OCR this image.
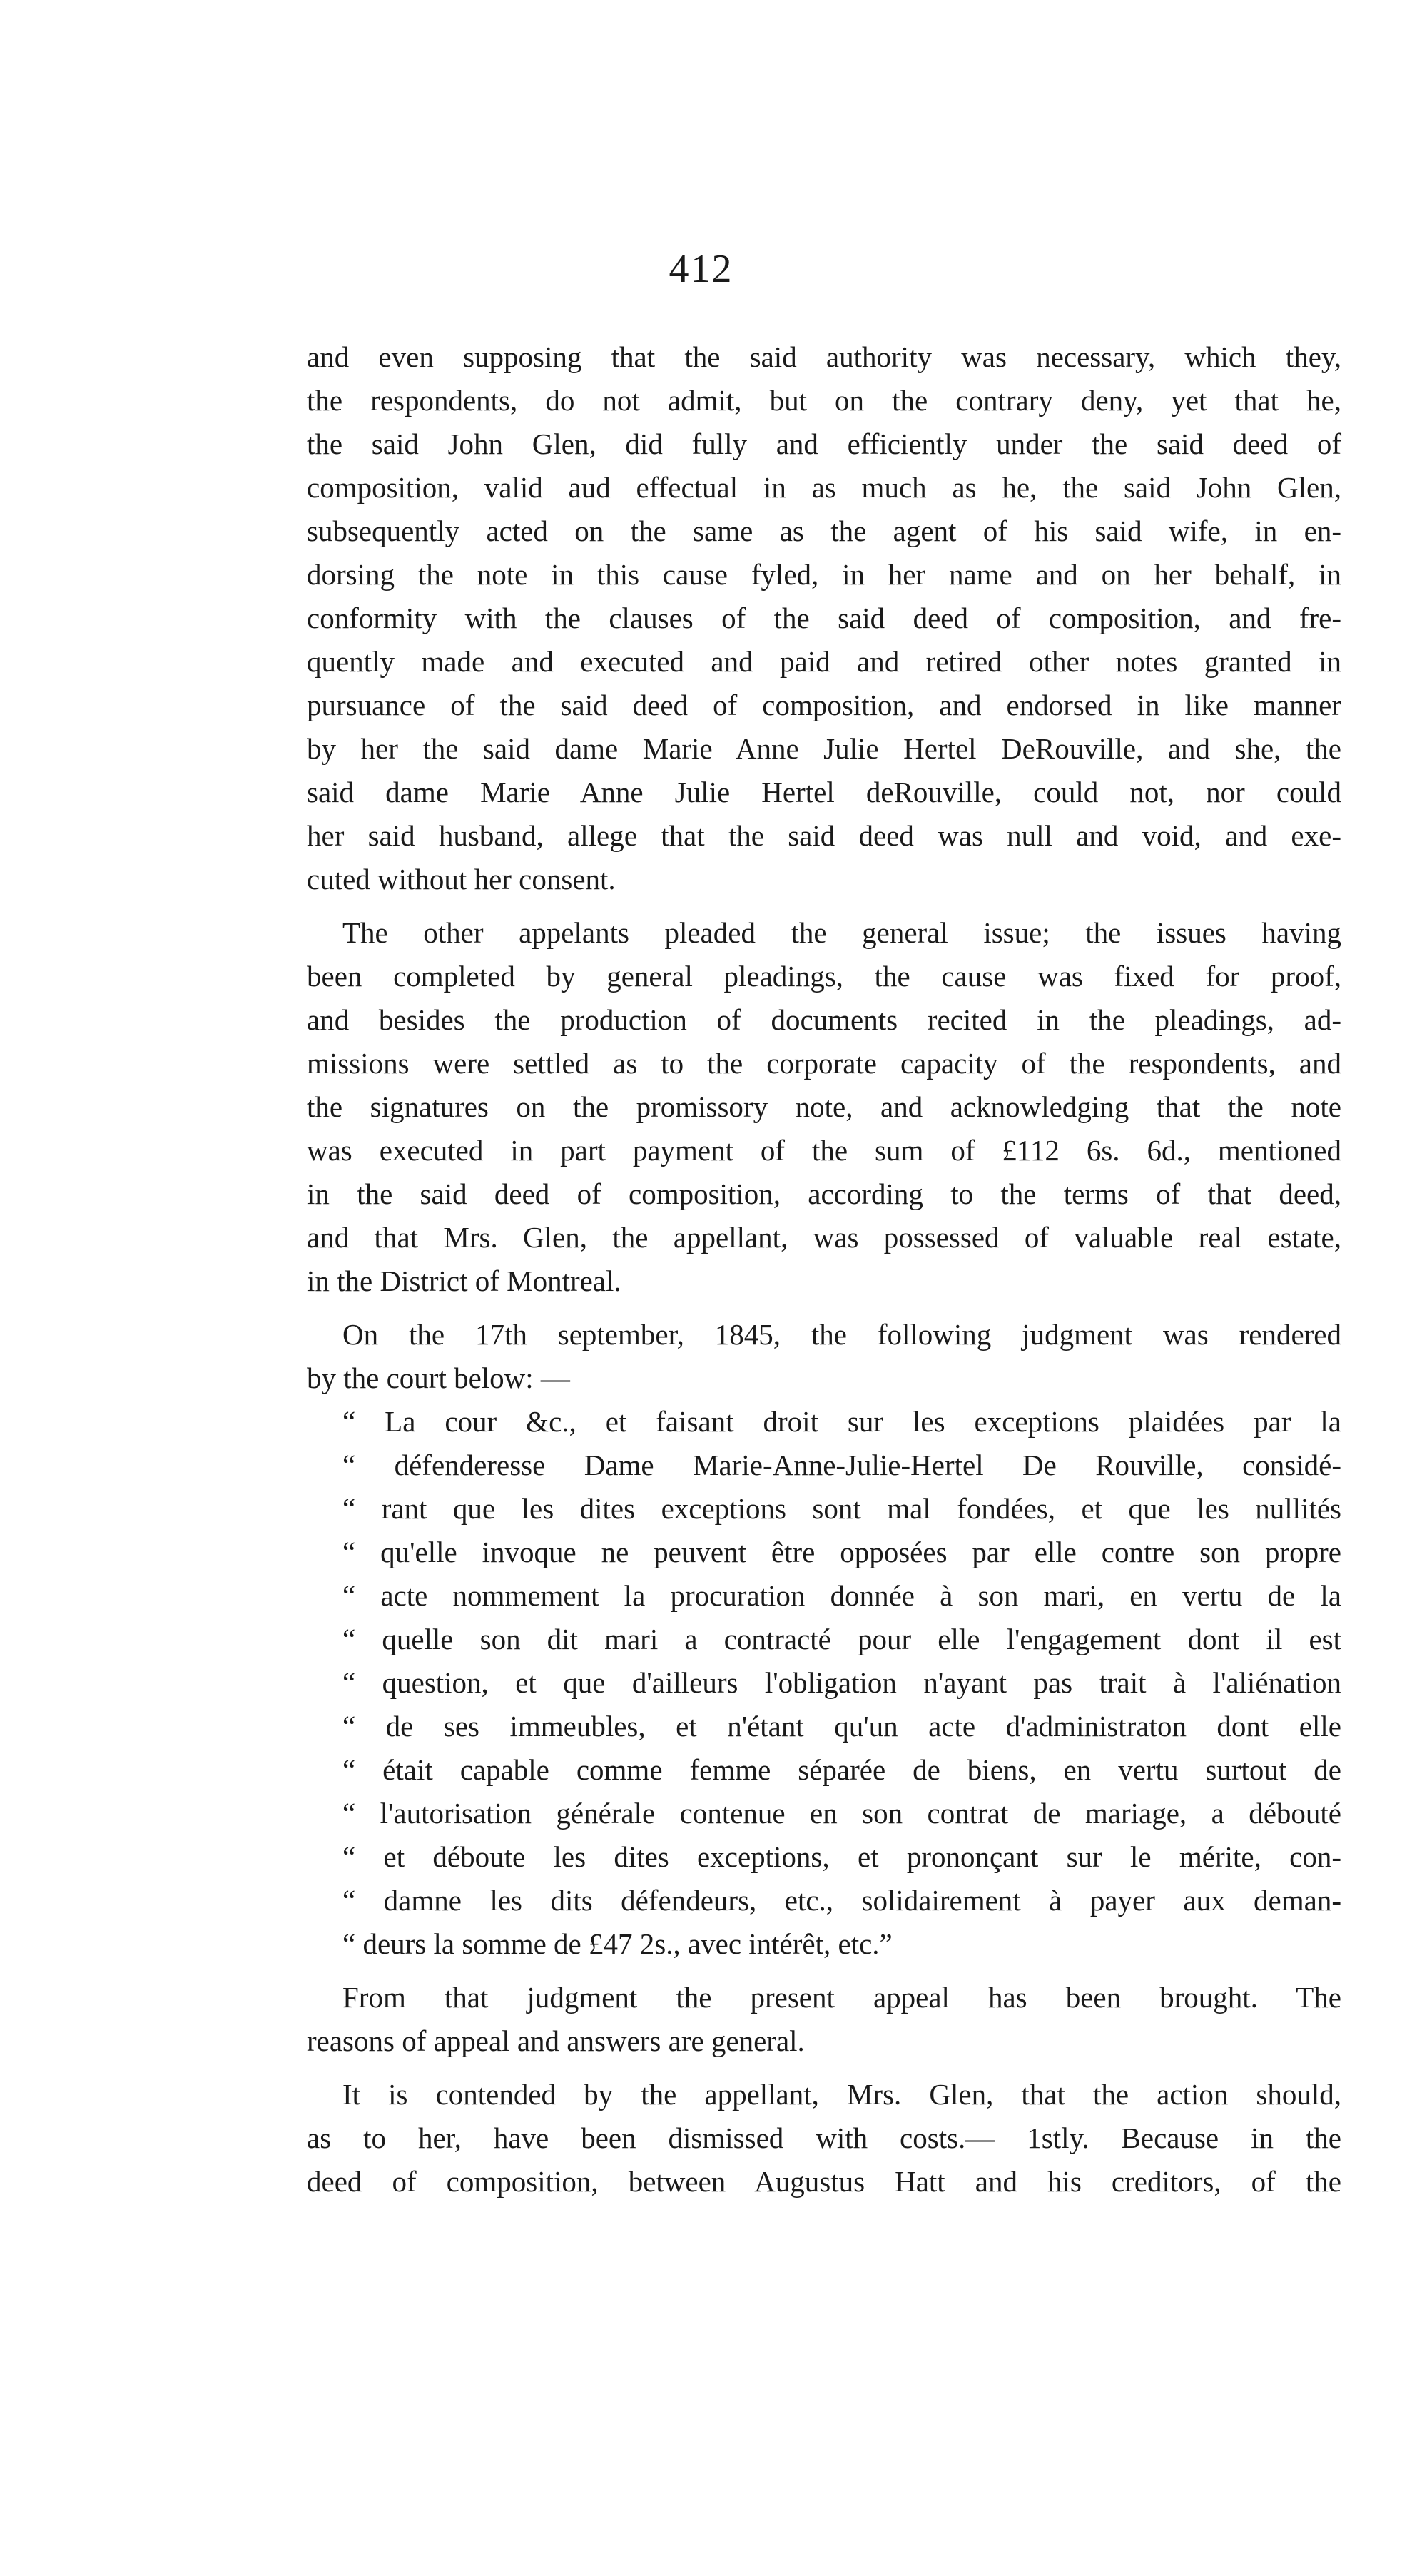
412
and even supposing that the said authority was necessary, which they,
the respondents, do not admit, but on the contrary deny, yet that he,
the said John Glen, did fully and efficiently under the said deed of
composition, valid aud effectual in as much as he, the said John Glen,
subsequently acted on the same as the agent of his said wife, in en-
dorsing the note in this cause fyled, in her name and on her behalf, in
conformity with the clauses of the said deed of composition, and fre-
quently made and executed and paid and retired other notes granted in
pursuance of the said deed of composition, and endorsed in like manner
by her the said dame Marie Anne Julie Hertel DeRouville, and she, the
said dame Marie Anne Julie Hertel deRouville, could not, nor could
her said husband, allege that the said deed was null and void, and exe-
cuted without her consent.
The other appelants pleaded the general issue; the issues having
been completed by general pleadings, the cause was fixed for proof,
and besides the production of documents recited in the pleadings, ad-
missions were settled as to the corporate capacity of the respondents, and
the signatures on the promissory note, and acknowledging that the note
was executed in part payment of the sum of £112 6s. 6d., mentioned
in the said deed of composition, according to the terms of that deed,
and that Mrs. Glen, the appellant, was possessed of valuable real estate,
in the District of Montreal.
On the 17th september, 1845, the following judgment was rendered
by the court below: —
“ La cour &c., et faisant droit sur les exceptions plaidées par la
“ défenderesse Dame Marie-Anne-Julie-Hertel De Rouville, considé-
“ rant que les dites exceptions sont mal fondées, et que les nullités
“ qu'elle invoque ne peuvent être opposées par elle contre son propre
“ acte nommement la procuration donnée à son mari, en vertu de la
“ quelle son dit mari a contracté pour elle l'engagement dont il est
“ question, et que d'ailleurs l'obligation n'ayant pas trait à l'aliénation
“ de ses immeubles, et n'étant qu'un acte d'administraton dont elle
“ était capable comme femme séparée de biens, en vertu surtout de
“ l'autorisation générale contenue en son contrat de mariage, a débouté
“ et déboute les dites exceptions, et prononçant sur le mérite, con-
“ damne les dits défendeurs, etc., solidairement à payer aux deman-
“ deurs la somme de £47 2s., avec intérêt, etc.”
From that judgment the present appeal has been brought. The
reasons of appeal and answers are general.
It is contended by the appellant, Mrs. Glen, that the action should,
as to her, have been dismissed with costs.— 1stly. Because in the
deed of composition, between Augustus Hatt and his creditors, of the
